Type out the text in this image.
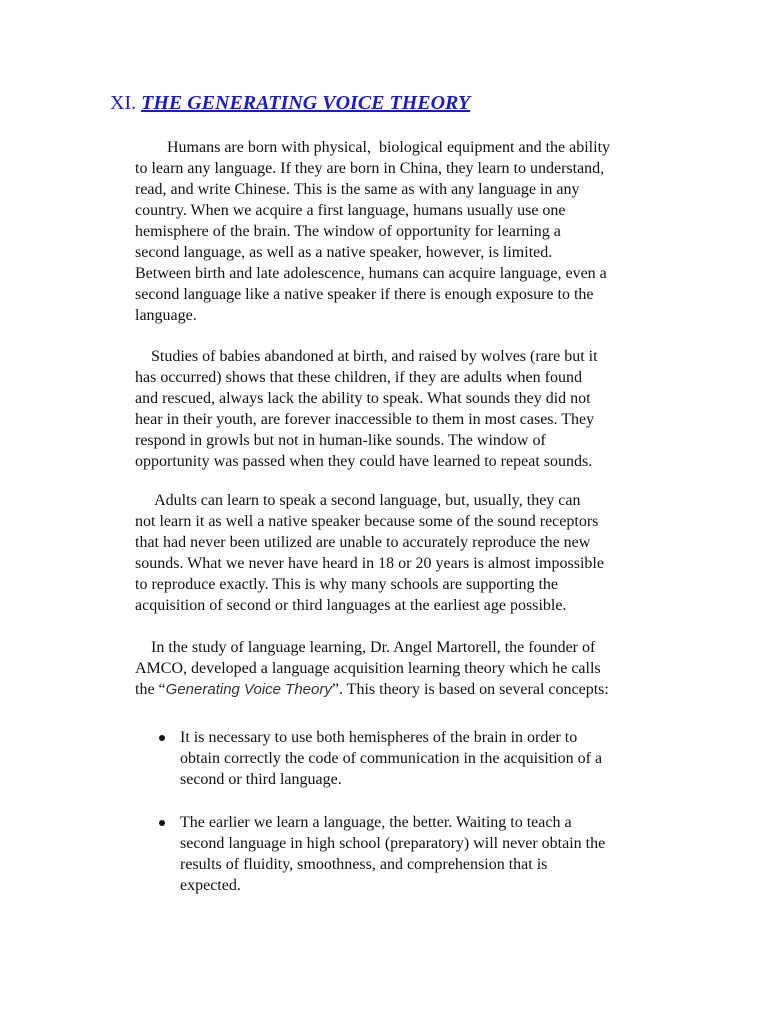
XI. THE GENERATING VOICE THEORY

Humans are born with physical,  biological equipment and the ability
to learn any language. If they are born in China, they learn to understand,
read, and write Chinese. This is the same as with any language in any
country. When we acquire a first language, humans usually use one
hemisphere of the brain. The window of opportunity for learning a
second language, as well as a native speaker, however, is limited.
Between birth and late adolescence, humans can acquire language, even a
second language like a native speaker if there is enough exposure to the
language.

Studies of babies abandoned at birth, and raised by wolves (rare but it
has occurred) shows that these children, if they are adults when found
and rescued, always lack the ability to speak. What sounds they did not
hear in their youth, are forever inaccessible to them in most cases. They
respond in growls but not in human-like sounds. The window of
opportunity was passed when they could have learned to repeat sounds.

Adults can learn to speak a second language, but, usually, they can
not learn it as well a native speaker because some of the sound receptors
that had never been utilized are unable to accurately reproduce the new
sounds. What we never have heard in 18 or 20 years is almost impossible
to reproduce exactly. This is why many schools are supporting the
acquisition of second or third languages at the earliest age possible.

In the study of language learning, Dr. Angel Martorell, the founder of
AMCO, developed a language acquisition learning theory which he calls
the “Generating Voice Theory”. This theory is based on several concepts:

It is necessary to use both hemispheres of the brain in order to
obtain correctly the code of communication in the acquisition of a
second or third language.
The earlier we learn a language, the better. Waiting to teach a
second language in high school (preparatory) will never obtain the
results of fluidity, smoothness, and comprehension that is
expected.
